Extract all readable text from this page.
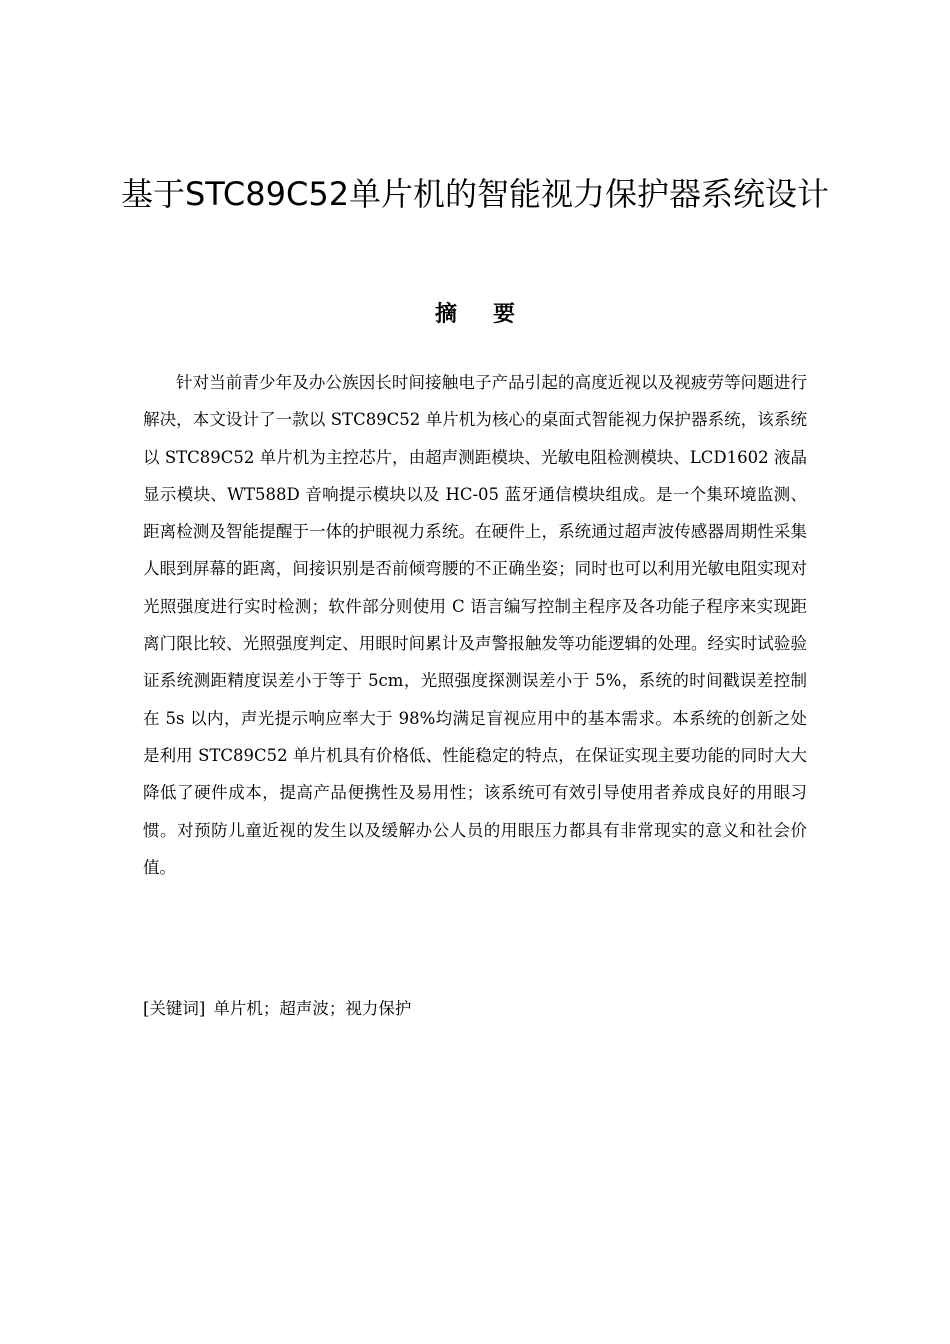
基于STC89C52单片机的智能视力保护器系统设计
摘要

针对当前青少年及办公族因长时间接触电子产品引起的高度近视以及视疲劳等问题进行解决，本文设计了一款以 STC89C52 单片机为核心的桌面式智能视力保护器系统，该系统以 STC89C52 单片机为主控芯片，由超声测距模块、光敏电阻检测模块、LCD1602 液晶显示模块、WT588D 音响提示模块以及 HC-05 蓝牙通信模块组成。是一个集环境监测、距离检测及智能提醒于一体的护眼视力系统。在硬件上，系统通过超声波传感器周期性采集人眼到屏幕的距离，间接识别是否前倾弯腰的不正确坐姿；同时也可以利用光敏电阻实现对光照强度进行实时检测；软件部分则使用 C 语言编写控制主程序及各功能子程序来实现距离门限比较、光照强度判定、用眼时间累计及声警报触发等功能逻辑的处理。经实时试验验证系统测距精度误差小于等于 5cm，光照强度探测误差小于 5%，系统的时间戳误差控制在 5s 以内，声光提示响应率大于 98%均满足盲视应用中的基本需求。本系统的创新之处是利用 STC89C52 单片机具有价格低、性能稳定的特点，在保证实现主要功能的同时大大降低了硬件成本，提高产品便携性及易用性；该系统可有效引导使用者养成良好的用眼习惯。对预防儿童近视的发生以及缓解办公人员的用眼压力都具有非常现实的意义和社会价值。

[关键词] 单片机；超声波；视力保护
